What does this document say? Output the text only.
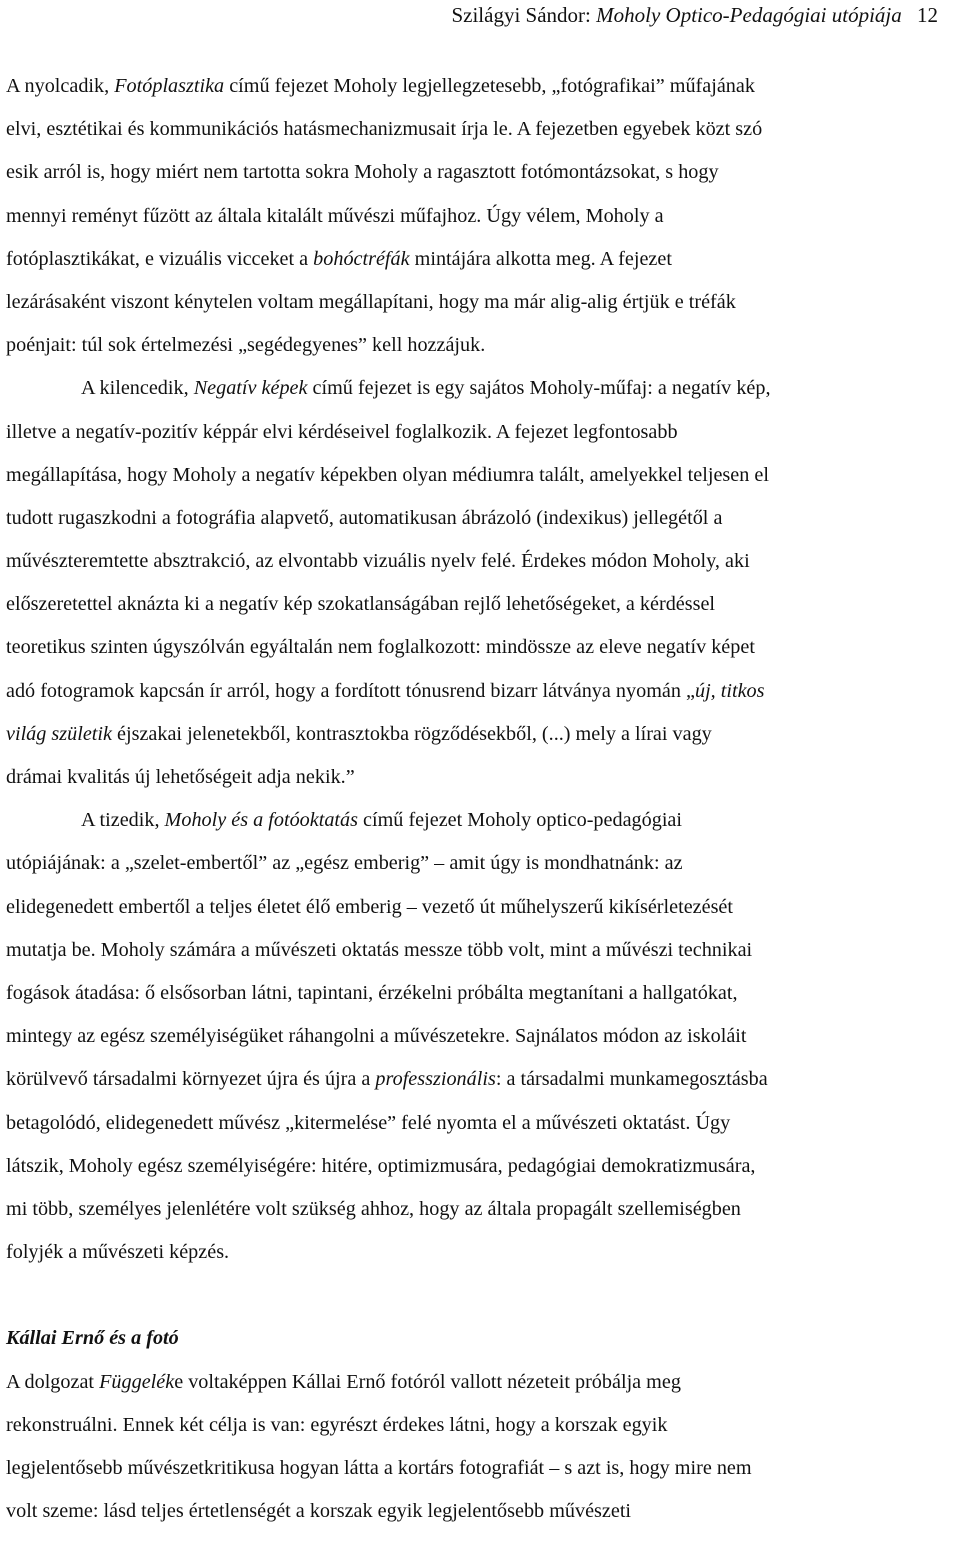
Szilágyi Sándor: Moholy Optico-Pedagógiai utópiája 12
A nyolcadik, Fotóplasztika című fejezet Moholy legjellegzetesebb, „fotógrafikai” műfajának
elvi, esztétikai és kommunikációs hatásmechanizmusait írja le. A fejezetben egyebek közt szó
esik arról is, hogy miért nem tartotta sokra Moholy a ragasztott fotómontázsokat, s hogy
mennyi reményt fűzött az általa kitalált művészi műfajhoz. Úgy vélem, Moholy a
fotóplasztikákat, e vizuális vicceket a bohóctréfák mintájára alkotta meg. A fejezet
lezárásaként viszont kénytelen voltam megállapítani, hogy ma már alig-alig értjük e tréfák
poénjait: túl sok értelmezési „segédegyenes” kell hozzájuk.
A kilencedik, Negatív képek című fejezet is egy sajátos Moholy-műfaj: a negatív kép,
illetve a negatív-pozitív képpár elvi kérdéseivel foglalkozik. A fejezet legfontosabb
megállapítása, hogy Moholy a negatív képekben olyan médiumra talált, amelyekkel teljesen el
tudott rugaszkodni a fotográfia alapvető, automatikusan ábrázoló (indexikus) jellegétől a
művészteremtette absztrakció, az elvontabb vizuális nyelv felé. Érdekes módon Moholy, aki
előszeretettel aknázta ki a negatív kép szokatlanságában rejlő lehetőségeket, a kérdéssel
teoretikus szinten úgyszólván egyáltalán nem foglalkozott: mindössze az eleve negatív képet
adó fotogramok kapcsán ír arról, hogy a fordított tónusrend bizarr látványa nyomán „új, titkos
világ születik éjszakai jelenetekből, kontrasztokba rögződésekből, (...) mely a lírai vagy
drámai kvalitás új lehetőségeit adja nekik.”
A tizedik, Moholy és a fotóoktatás című fejezet Moholy optico-pedagógiai
utópiájának: a „szelet-embertől” az „egész emberig” – amit úgy is mondhatnánk: az
elidegenedett embertől a teljes életet élő emberig – vezető út műhelyszerű kikísérletezését
mutatja be. Moholy számára a művészeti oktatás messze több volt, mint a művészi technikai
fogások átadása: ő elsősorban látni, tapintani, érzékelni próbálta megtanítani a hallgatókat,
mintegy az egész személyiségüket ráhangolni a művészetekre. Sajnálatos módon az iskoláit
körülvevő társadalmi környezet újra és újra a professzionális: a társadalmi munkamegosztásba
betagolódó, elidegenedett művész „kitermelése” felé nyomta el a művészeti oktatást. Úgy
látszik, Moholy egész személyiségére: hitére, optimizmusára, pedagógiai demokratizmusára,
mi több, személyes jelenlétére volt szükség ahhoz, hogy az általa propagált szellemiségben
folyjék a művészeti képzés.
Kállai Ernő és a fotó
A dolgozat Függeléke voltaképpen Kállai Ernő fotóról vallott nézeteit próbálja meg
rekonstruálni. Ennek két célja is van: egyrészt érdekes látni, hogy a korszak egyik
legjelentősebb művészetkritikusa hogyan látta a kortárs fotografiát – s azt is, hogy mire nem
volt szeme: lásd teljes értetlenségét a korszak egyik legjelentősebb művészeti
